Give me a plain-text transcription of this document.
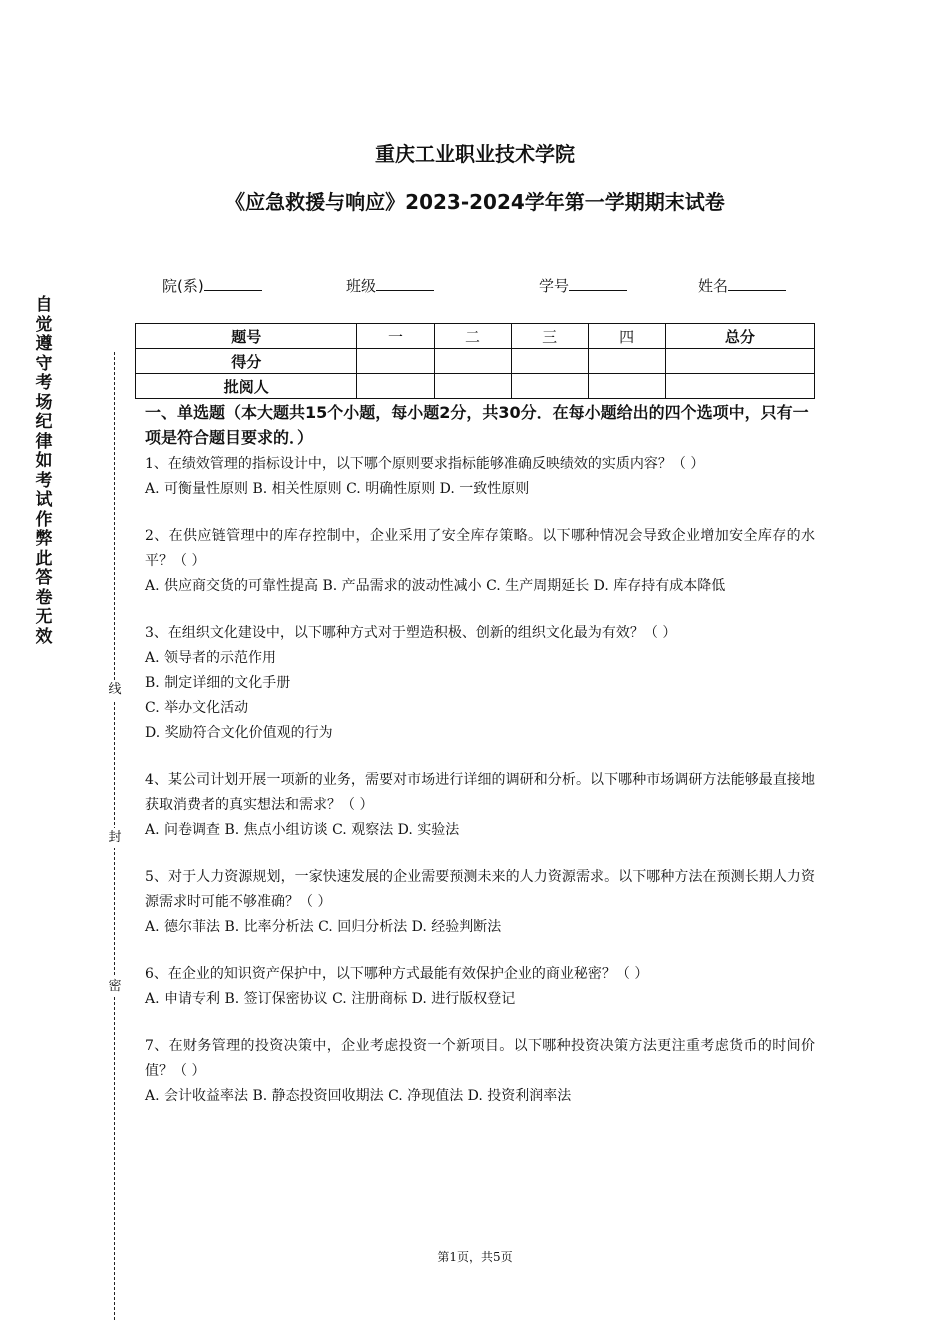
重庆工业职业技术学院
《应急救援与响应》2023-2024学年第一学期期末试卷
院(系)	班级	学号	姓名
题号	一	二	三	四	总分
得分					
批阅人					
自觉遵守考场纪律如考试作弊此答卷无效
线
封
密

一、单选题（本大题共15个小题，每小题2分，共30分．在每小题给出的四个选项中，只有一项是符合题目要求的．）

1、在绩效管理的指标设计中，以下哪个原则要求指标能够准确反映绩效的实质内容？（ ）

A. 可衡量性原则 B. 相关性原则 C. 明确性原则 D. 一致性原则

2、在供应链管理中的库存控制中，企业采用了安全库存策略。以下哪种情况会导致企业增加安全库存的水平？（ ）

A. 供应商交货的可靠性提高 B. 产品需求的波动性减小 C. 生产周期延长 D. 库存持有成本降低

3、在组织文化建设中，以下哪种方式对于塑造积极、创新的组织文化最为有效？（ ）

A. 领导者的示范作用

B. 制定详细的文化手册

C. 举办文化活动

D. 奖励符合文化价值观的行为

4、某公司计划开展一项新的业务，需要对市场进行详细的调研和分析。以下哪种市场调研方法能够最直接地获取消费者的真实想法和需求？（ ）

A. 问卷调查 B. 焦点小组访谈 C. 观察法 D. 实验法

5、对于人力资源规划，一家快速发展的企业需要预测未来的人力资源需求。以下哪种方法在预测长期人力资源需求时可能不够准确？（ ）

A. 德尔菲法 B. 比率分析法 C. 回归分析法 D. 经验判断法

6、在企业的知识资产保护中，以下哪种方式最能有效保护企业的商业秘密？（ ）

A. 申请专利 B. 签订保密协议 C. 注册商标 D. 进行版权登记

7、在财务管理的投资决策中，企业考虑投资一个新项目。以下哪种投资决策方法更注重考虑货币的时间价值？（ ）

A. 会计收益率法 B. 静态投资回收期法 C. 净现值法 D. 投资利润率法

第1页，共5页
